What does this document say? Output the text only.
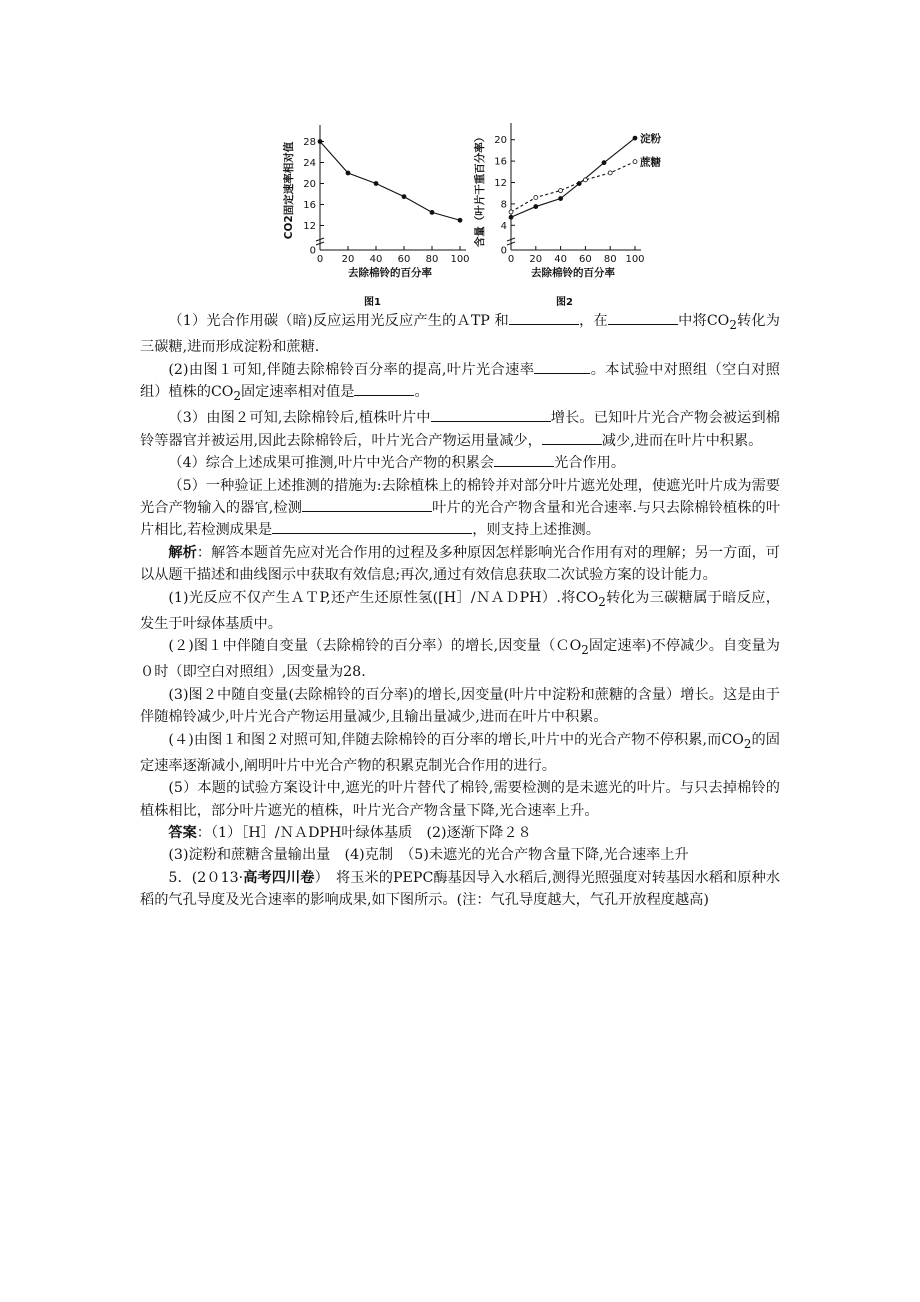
0
12
16
20
24
28
0 20 40 60 80 100
去除棉铃的百分率
CO2固定速率相对值
图1
0
4
8
12
16
20
0 20 40 60 80 100
去除棉铃的百分率
含量（叶片干重百分率）	淀粉
蔗糖
图2

（1）光合作用碳（暗)反应运用光反应产生的ＡTP 和	，在	中将$CO_2$转化为三碳糖,进而形成淀粉和蔗糖.

(2)由图１可知,伴随去除棉铃百分率的提高,叶片光合速率	。本试验中对照组（空白对照组）植株的$CO_2$固定速率相对值是	。

（3）由图２可知,去除棉铃后,植株叶片中	增长。已知叶片光合产物会被运到棉铃等器官并被运用,因此去除棉铃后，叶片光合产物运用量减少，	减少,进而在叶片中积累。

（4）综合上述成果可推测,叶片中光合产物的积累会	光合作用。

（5）一种验证上述推测的措施为:去除植株上的棉铃并对部分叶片遮光处理，使遮光叶片成为需要光合产物输入的器官,检测	叶片的光合产物含量和光合速率.与只去除棉铃植株的叶片相比,若检测成果是	，则支持上述推测。

解析：解答本题首先应对光合作用的过程及多种原因怎样影响光合作用有对的理解；另一方面，可以从题干描述和曲线图示中获取有效信息;再次,通过有效信息获取二次试验方案的设计能力。

(1)光反应不仅产生ＡＴP,还产生还原性氢([H］/ＮＡＤPH）.将$CO_2$转化为三碳糖属于暗反应，发生于叶绿体基质中。

(２)图１中伴随自变量（去除棉铃的百分率）的增长,因变量（ＣO$_2$固定速率)不停减少。自变量为０时（即空白对照组）,因变量为28.

(3)图２中随自变量(去除棉铃的百分率)的增长,因变量(叶片中淀粉和蔗糖的含量）增长。这是由于伴随棉铃减少,叶片光合产物运用量减少,且输出量减少,进而在叶片中积累。

(４)由图１和图２对照可知,伴随去除棉铃的百分率的增长,叶片中的光合产物不停积累,而$CO_2$的固定速率逐渐减小,阐明叶片中光合产物的积累克制光合作用的进行。

(5）本题的试验方案设计中,遮光的叶片替代了棉铃,需要检测的是未遮光的叶片。与只去掉棉铃的植株相比，部分叶片遮光的植株，叶片光合产物含量下降,光合速率上升。

答案：（1）［H］/ＮＡDPH叶绿体基质　(2)逐渐下降２８

(3)淀粉和蔗糖含量输出量　(4)克制　（5)未遮光的光合产物含量下降,光合速率上升

5．(2０13·高考四川卷）　将玉米的PEPC酶基因导入水稻后,测得光照强度对转基因水稻和原种水稻的气孔导度及光合速率的影响成果,如下图所示。(注：气孔导度越大，气孔开放程度越高)
